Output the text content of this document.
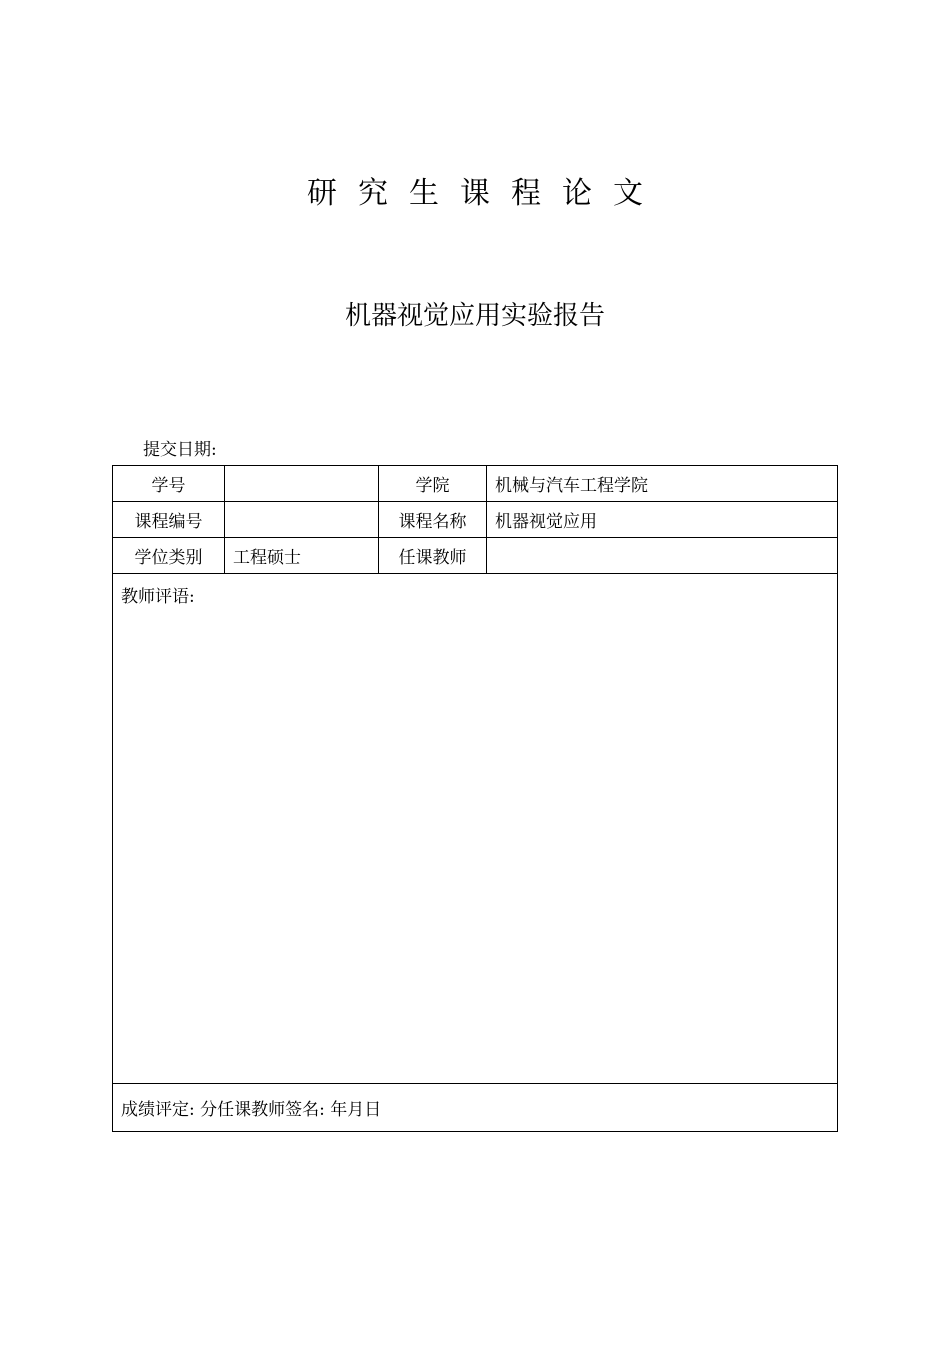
研究生课程论文
机器视觉应用实验报告
提交日期:
学号		学院	机械与汽车工程学院
课程编号		课程名称	机器视觉应用
学位类别	工程硕士	任课教师	
教师评语:			
成绩评定: 分任课教师签名: 年月日			
